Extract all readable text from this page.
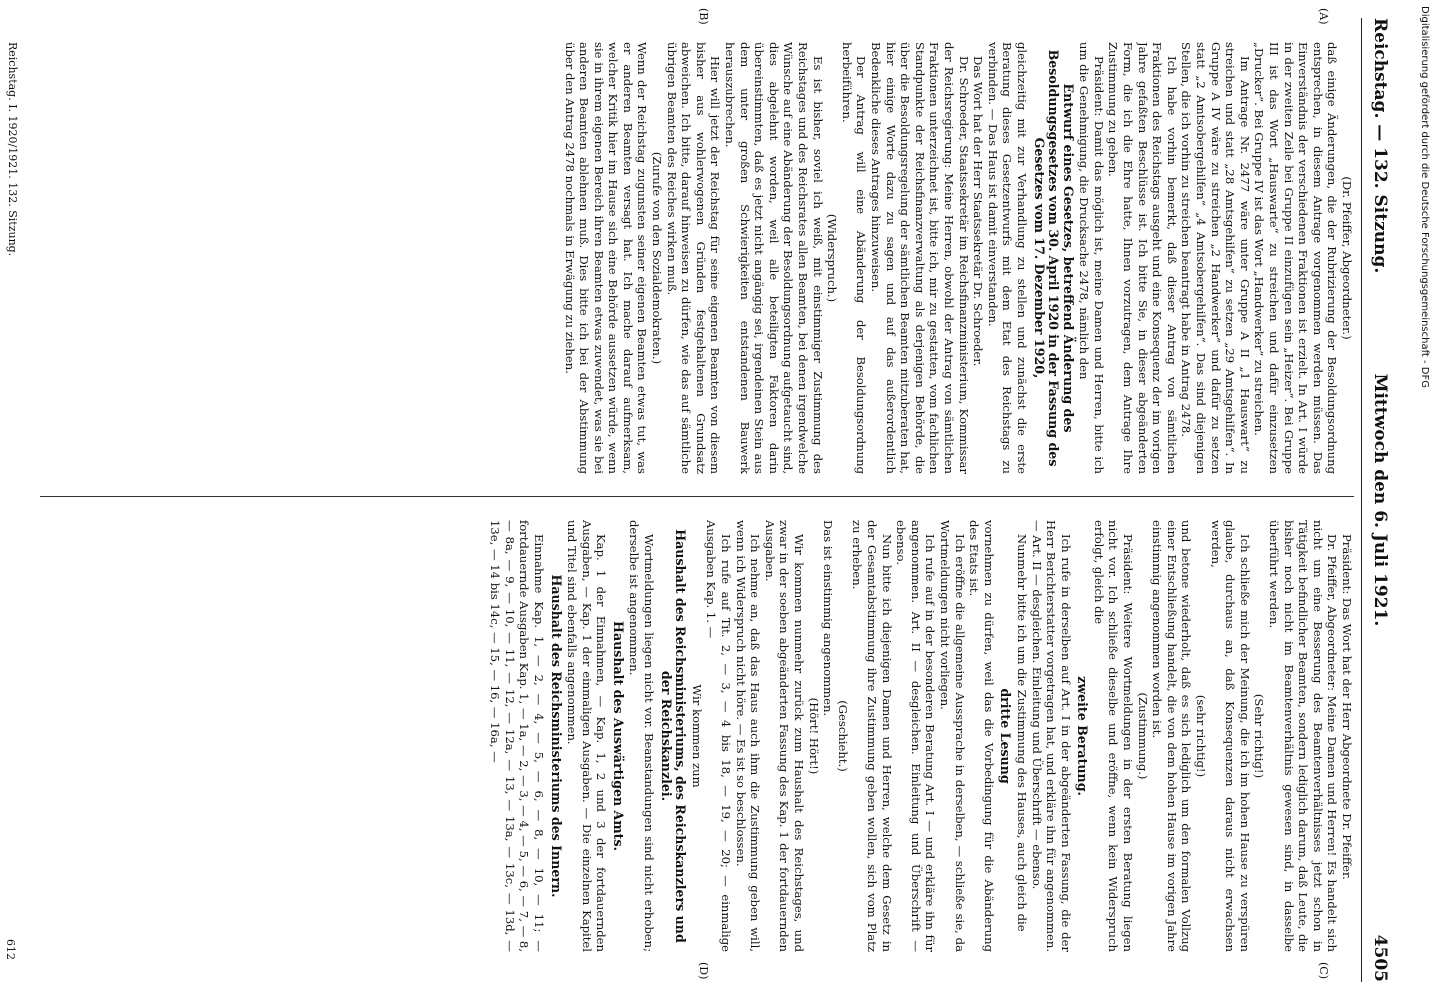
Reichstag. — 132. Sitzung.
Mittwoch den 6. Juli 1921.
4505
(A)
(B)
(C)
(D)

(Dr. Pfeiffer, Abgeordneter.)

daß einige Änderungen, die der Rubrizierung der Besoldungsordnung entsprechen, in diesem Antrage vorgenommen werden müssen. Das Einverständnis der verschiedenen Fraktionen ist erzielt. In Art. I würde in der zweiten Zeile bei Gruppe II einzufügen sein „Heizer“. Bei Gruppe III ist das Wort „Hauswarte“ zu streichen und dafür einzusetzen „Drucker“. Bei Gruppe IV ist das Wort „Handwerker“ zu streichen.

Im Antrage Nr. 2477 wäre unter Gruppe A II „1 Hauswart“ zu streichen und statt „28 Amtsgehilfen“ zu setzen „29 Amtsgehilfen“. In Gruppe A IV wäre zu streichen „2 Handwerker“ und dafür zu setzen statt „2 Amtsobergehilfen“ „4 Amtsobergehilfen“. Das sind diejenigen Stellen, die ich vorhin zu streichen beantragt habe in Antrag 2478.

Ich habe vorhin bemerkt, daß dieser Antrag von sämtlichen Fraktionen des Reichstags ausgeht und eine Konsequenz der im vorigen Jahre gefaßten Beschlüsse ist. Ich bitte Sie, in dieser abgeänderten Form, die ich die Ehre hatte, Ihnen vorzutragen, dem Antrage Ihre Zustimmung zu geben.

Präsident: Damit das möglich ist, meine Damen und Herren, bitte ich um die Genehmigung, die Drucksache 2478, nämlich den

Entwurf eines Gesetzes, betreffend Änderung des Besoldungsgesetzes vom 30. April 1920 in der Fassung des Gesetzes vom 17. Dezember 1920,

gleichzeitig mit zur Verhandlung zu stellen und zunächst die erste Beratung dieses Gesetzentwurfs mit dem Etat des Reichstags zu verbinden. — Das Haus ist damit einverstanden.

Das Wort hat der Herr Staatssekretär Dr. Schroeder.

Dr. Schroeder, Staatssekretär im Reichsfinanzministerium, Kommissar der Reichsregierung: Meine Herren, obwohl der Antrag von sämtlichen Fraktionen unterzeichnet ist, bitte ich, mir zu gestatten, vom fachlichen Standpunkte der Reichsfinanzverwaltung als derjenigen Behörde, die über die Besoldungsregelung der sämtlichen Beamten mitzuberaten hat, hier einige Worte dazu zu sagen und auf das außerordentlich Bedenkliche dieses Antrages hinzuweisen.

Der Antrag will eine Abänderung der Besoldungsordnung herbeiführen.

(Widerspruch.)

Es ist bisher, soviel ich weiß, mit einstimmiger Zustimmung des Reichstages und des Reichsrates allen Beamten, bei denen irgendwelche Wünsche auf eine Abänderung der Besoldungsordnung aufgetaucht sind, dies abgelehnt worden, weil alle beteiligten Faktoren darin übereinstimmten, daß es jetzt nicht angängig sei, irgendeinen Stein aus dem unter großen Schwierigkeiten entstandenen Bauwerk herauszubrechen.

Hier will jetzt der Reichstag für seine eigenen Beamten von diesem bisher aus wohlerwogenen Gründen festgehaltenen Grundsatz abweichen. Ich bitte, darauf hinweisen zu dürfen, wie das auf sämtliche übrigen Beamten des Reiches wirken muß.

(Zurufe von den Sozialdemokraten.)

Wenn der Reichstag zugunsten seiner eigenen Beamten etwas tut, was er anderen Beamten versagt hat. Ich mache darauf aufmerksam, welcher Kritik hier im Hause sich eine Behörde aussetzen würde, wenn sie in ihrem eigenen Bereich ihren Beamten etwas zuwendet, was sie bei anderen Beamten ablehnen muß. Dies bitte ich bei der Abstimmung über den Antrag 2478 nochmals in Erwägung zu ziehen.

Präsident: Das Wort hat der Herr Abgeordnete Dr. Pfeiffer.

Dr. Pfeiffer, Abgeordneter: Meine Damen und Herren! Es handelt sich nicht um eine Besserung des Beamtenverhältnisses jetzt schon in Tätigkeit befindlicher Beamten, sondern lediglich darum, daß Leute, die bisher noch nicht im Beamtenverhältnis gewesen sind, in dasselbe überführt werden.

(Sehr richtig!)

Ich schließe mich der Meinung, die ich im hohen Hause zu verspüren glaube, durchaus an, daß Konsequenzen daraus nicht erwachsen werden,

(sehr richtig!)

und betone wiederholt, daß es sich lediglich um den formalen Vollzug einer Entschließung handelt, die von dem hohen Hause im vorigen Jahre einstimmig angenommen worden ist.

(Zustimmung.)

Präsident: Weitere Wortmeldungen in der ersten Beratung liegen nicht vor. Ich schließe dieselbe und eröffne, wenn kein Widerspruch erfolgt, gleich die

zweite Beratung.

Ich rufe in derselben auf Art. I in der abgeänderten Fassung, die der Herr Berichterstatter vorgetragen hat, und erkläre ihn für angenommen. — Art. II — desgleichen. Einleitung und Überschrift — ebenso.

Nunmehr bitte ich um die Zustimmung des Hauses, auch gleich die

dritte Lesung

vornehmen zu dürfen, weil das die Vorbedingung für die Abänderung des Etats ist.

Ich eröffne die allgemeine Aussprache in derselben, — schließe sie, da Wortmeldungen nicht vorliegen.

Ich rufe auf in der besonderen Beratung Art. I — und erkläre ihn für angenommen. Art. II — desgleichen. Einleitung und Überschrift — ebenso.

Nun bitte ich diejenigen Damen und Herren, welche dem Gesetz in der Gesamtabstimmung ihre Zustimmung geben wollen, sich vom Platz zu erheben.

(Geschieht.)

Das ist einstimmig angenommen.

(Hört! Hört!)

Wir kommen nunmehr zurück zum Haushalt des Reichstages, und zwar in der soeben abgeänderten Fassung des Kap. 1 der fortdauernden Ausgaben.

Ich nehme an, daß das Haus auch ihm die Zustimmung geben will, wenn ich Widerspruch nicht höre. — Es ist so beschlossen.

Ich rufe auf Tit. 2, — 3, — 4 bis 18, — 19, — 20; — einmalige Ausgaben Kap. 1. —

Wir kommen zum

Haushalt des Reichsministeriums, des Reichskanzlers und der Reichskanzlei.

Wortmeldungen liegen nicht vor. Beanstandungen sind nicht erhoben; derselbe ist angenommen.

Haushalt des Auswärtigen Amts.

Kap. 1 der Einnahmen, — Kap. 1, 2 und 3 der fortdauernden Ausgaben, — Kap. 1 der einmaligen Ausgaben. — Die einzelnen Kapitel und Titel sind ebenfalls angenommen.

Haushalt des Reichsministeriums des Innern.

Einnahme Kap. 1, — 2, — 4, — 5, — 6, — 8, — 10, — 11; — fortdauernde Ausgaben Kap. 1, — 1a, — 2, — 3, — 4, — 5, — 6, — 7, — 8, — 8a, — 9, — 10, — 11, — 12, — 12a, — 13, — 13a, — 13c, — 13d, — 13e, — 14 bis 14c, — 15, — 16, — 16a, —

Reichstag. I. 1920/1921. 132. Sitzung.
612
Digitalisierung gefördert durch die Deutsche Forschungsgemeinschaft - DFG
